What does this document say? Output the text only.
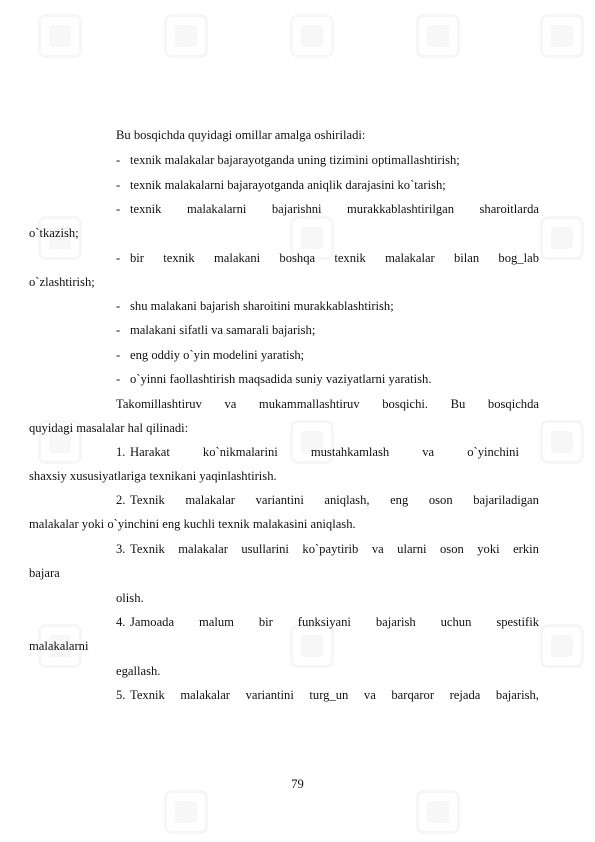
Bu bosqichda quyidagi omillar amalga oshiriladi:
- texnik malakalar bajarayotganda uning tizimini optimallashtirish;
- texnik malakalarni bajarayotganda aniqlik darajasini ko`tarish;
- texnik malakalarni bajarishni murakkablashtirilgan sharoitlarda
o`tkazish;
- bir texnik malakani boshqa texnik malakalar bilan bog_lab
o`zlashtirish;
- shu malakani bajarish sharoitini murakkablashtirish;
- malakani sifatli va samarali bajarish;
- eng oddiy o`yin modelini yaratish;
- o`yinni faollashtirish maqsadida suniy vaziyatlarni yaratish.
Takomillashtiruv va mukammallashtiruv bosqichi. Bu bosqichda
quyidagi masalalar hal qilinadi:
1. Harakat	ko`nikmalarini	mustahkamlash	va	o`yinchini
shaxsiy xususiyatlariga texnikani yaqinlashtirish.
2. Texnik malakalar variantini aniqlash, eng oson bajariladigan
malakalar yoki o`yinchini eng kuchli texnik malakasini aniqlash.
3. Texnik malakalar usullarini ko`paytirib va ularni oson yoki erkin
bajara
olish.
4. Jamoada malum bir funksiyani bajarish uchun spestifik
malakalarni
egallash.
5. Texnik malakalar variantini turg_un va barqaror rejada bajarish,
79
